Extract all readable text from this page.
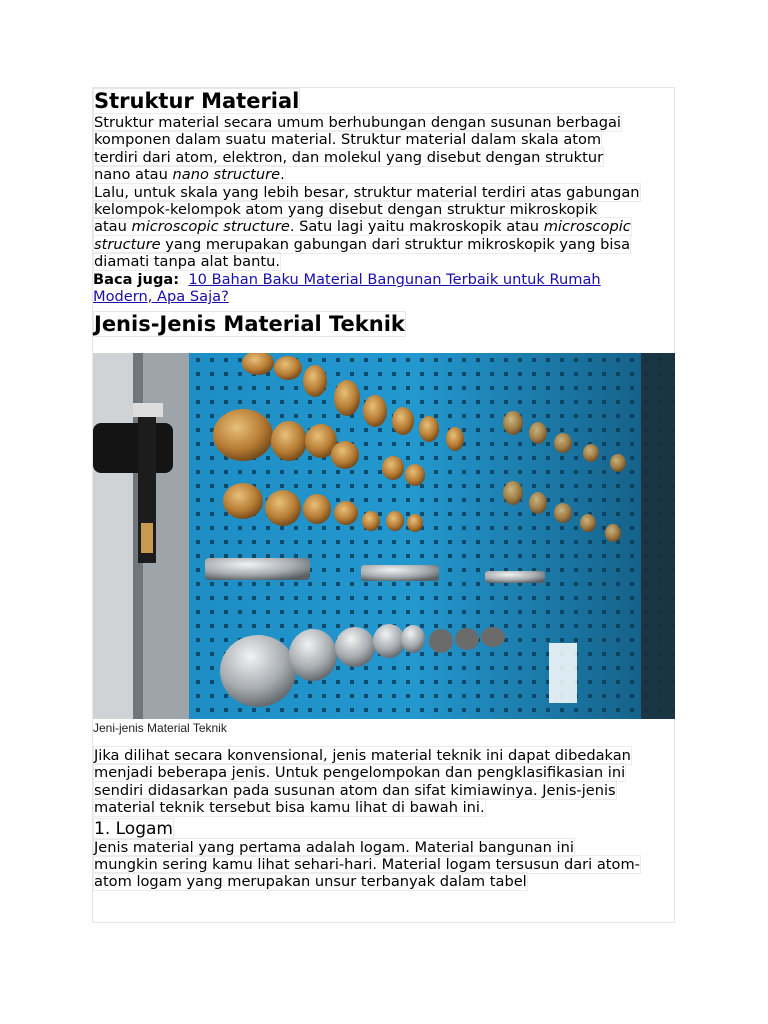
Struktur Material

Struktur material secara umum berhubungan dengan susunan berbagai
komponen dalam suatu material. Struktur material dalam skala atom
terdiri dari atom, elektron, dan molekul yang disebut dengan struktur
nano atau nano structure.

Lalu, untuk skala yang lebih besar, struktur material terdiri atas gabungan
kelompok-kelompok atom yang disebut dengan struktur mikroskopik
atau microscopic structure. Satu lagi yaitu makroskopik atau microscopic
structure yang merupakan gabungan dari struktur mikroskopik yang bisa
diamati tanpa alat bantu.

Baca juga: 10 Bahan Baku Material Bangunan Terbaik untuk Rumah
Modern, Apa Saja?

Jenis-Jenis Material Teknik
Jeni-jenis Material Teknik

Jika dilihat secara konvensional, jenis material teknik ini dapat dibedakan
menjadi beberapa jenis. Untuk pengelompokan dan pengklasifikasian ini
sendiri didasarkan pada susunan atom dan sifat kimiawinya. Jenis-jenis
material teknik tersebut bisa kamu lihat di bawah ini.

1. Logam

Jenis material yang pertama adalah logam. Material bangunan ini
mungkin sering kamu lihat sehari-hari. Material logam tersusun dari atom-
atom logam yang merupakan unsur terbanyak dalam tabel
